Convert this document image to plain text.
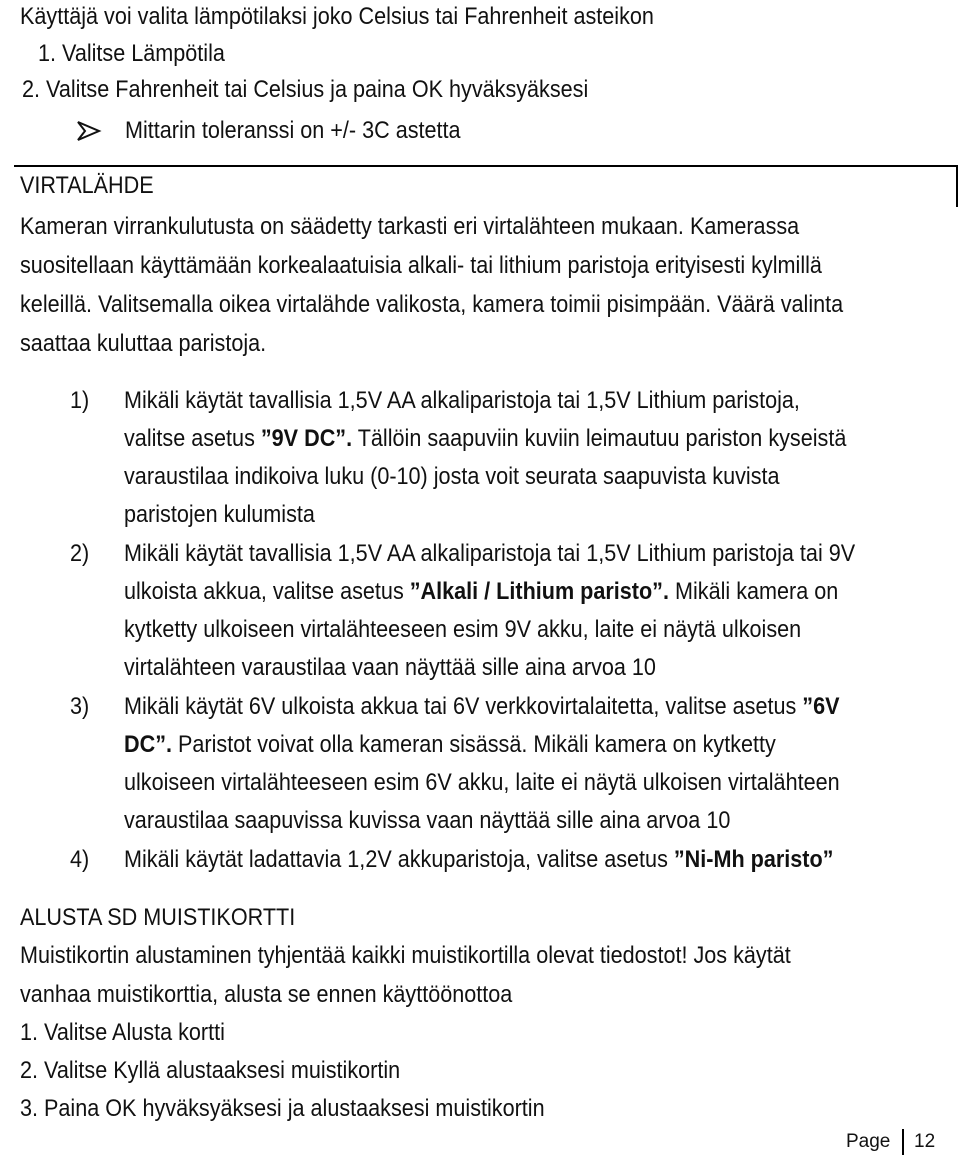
Käyttäjä voi valita lämpötilaksi joko Celsius tai Fahrenheit asteikon
1. Valitse Lämpötila
2. Valitse Fahrenheit tai Celsius ja paina OK hyväksyäksesi
Mittarin toleranssi on +/- 3C astetta
VIRTALÄHDE
Kameran virrankulutusta on säädetty tarkasti eri virtalähteen mukaan. Kamerassa
suositellaan käyttämään korkealaatuisia alkali- tai lithium paristoja erityisesti kylmillä
keleillä. Valitsemalla oikea virtalähde valikosta, kamera toimii pisimpään. Väärä valinta
saattaa kuluttaa paristoja.
1) Mikäli käytät tavallisia 1,5V AA alkaliparistoja tai 1,5V Lithium paristoja,
valitse asetus ”9V DC”. Tällöin saapuviin kuviin leimautuu pariston kyseistä
varaustilaa indikoiva luku (0-10) josta voit seurata saapuvista kuvista
paristojen kulumista
2) Mikäli käytät tavallisia 1,5V AA alkaliparistoja tai 1,5V Lithium paristoja tai 9V
ulkoista akkua, valitse asetus ”Alkali / Lithium paristo”. Mikäli kamera on
kytketty ulkoiseen virtalähteeseen esim 9V akku, laite ei näytä ulkoisen
virtalähteen varaustilaa vaan näyttää sille aina arvoa 10
3) Mikäli käytät 6V ulkoista akkua tai 6V verkkovirtalaitetta, valitse asetus ”6V
DC”. Paristot voivat olla kameran sisässä. Mikäli kamera on kytketty
ulkoiseen virtalähteeseen esim 6V akku, laite ei näytä ulkoisen virtalähteen
varaustilaa saapuvissa kuvissa vaan näyttää sille aina arvoa 10
4) Mikäli käytät ladattavia 1,2V akkuparistoja, valitse asetus ”Ni-Mh paristo”
ALUSTA SD MUISTIKORTTI
Muistikortin alustaminen tyhjentää kaikki muistikortilla olevat tiedostot! Jos käytät
vanhaa muistikorttia, alusta se ennen käyttöönottoa
1. Valitse Alusta kortti
2. Valitse Kyllä alustaaksesi muistikortin
3. Paina OK hyväksyäksesi ja alustaaksesi muistikortin
Page 12
